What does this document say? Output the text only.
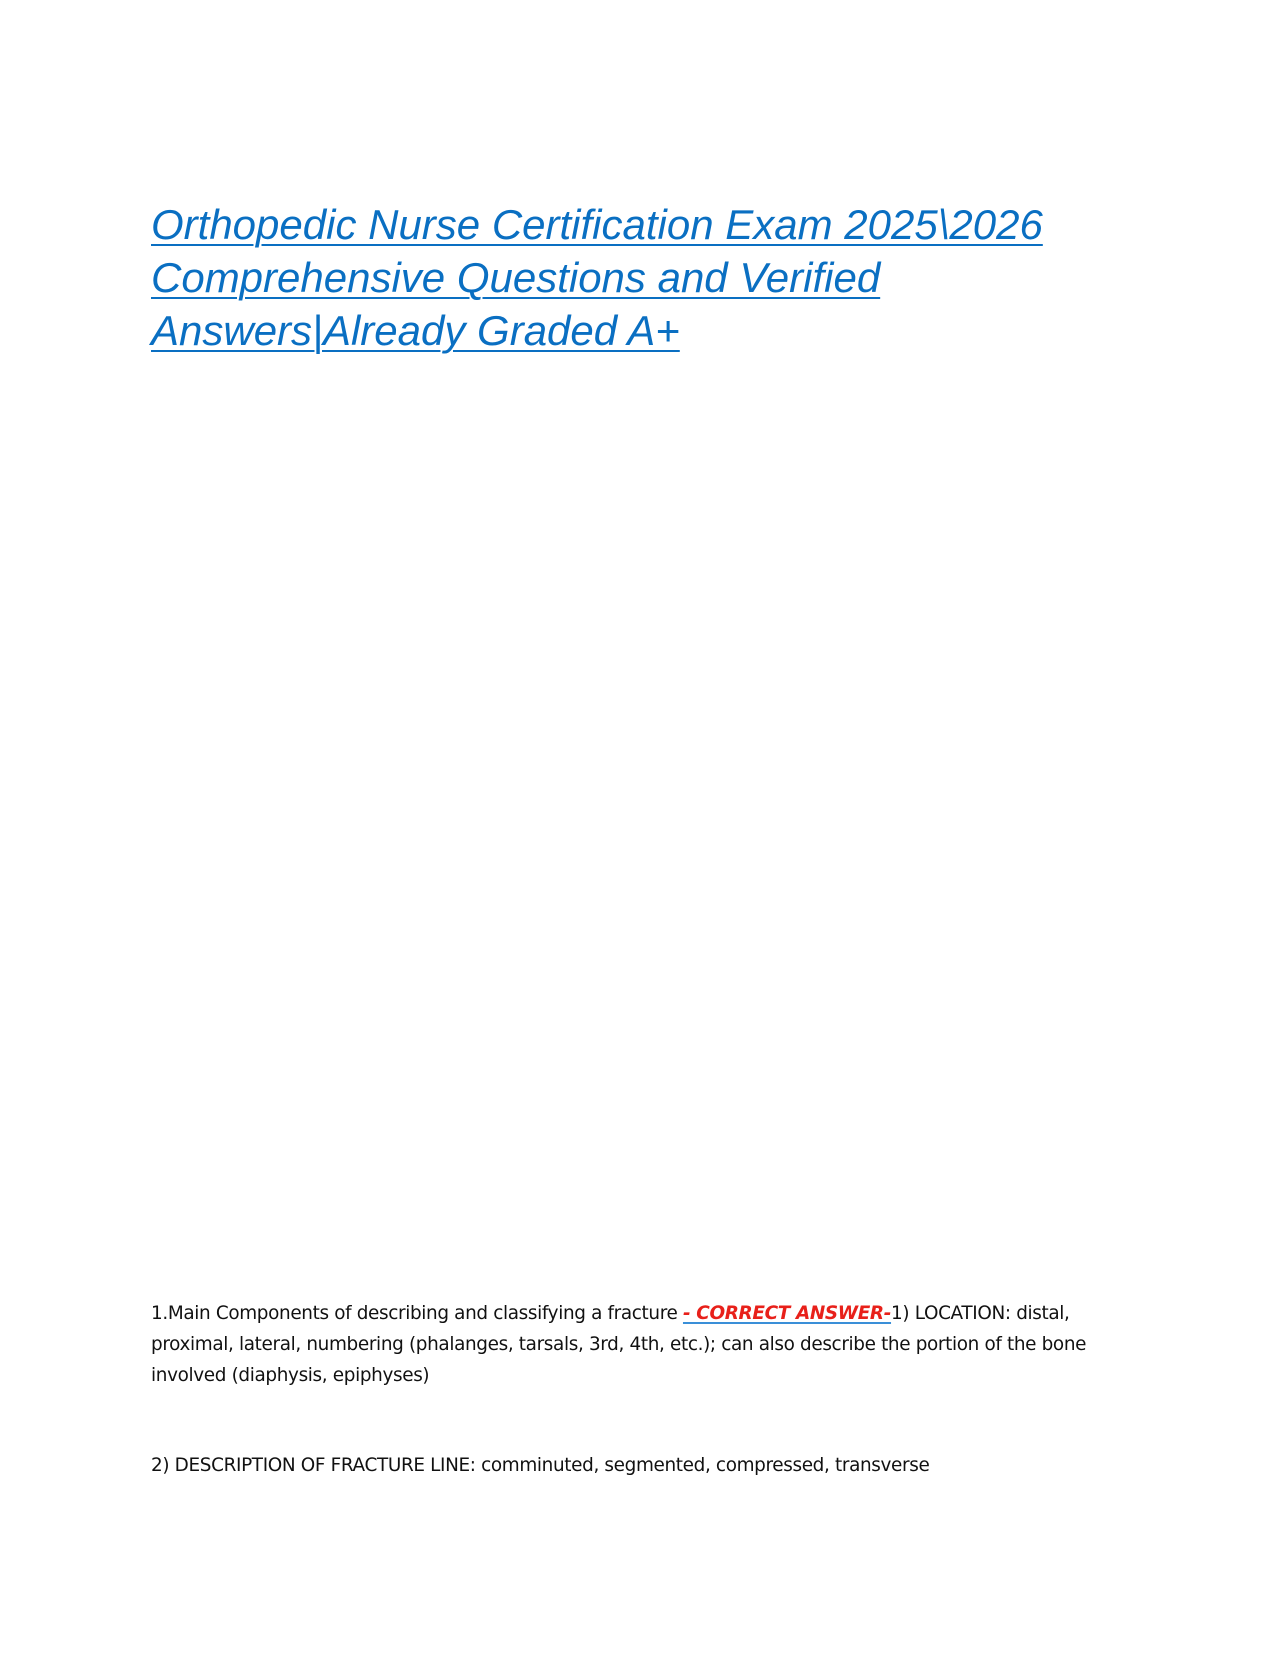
Orthopedic Nurse Certification Exam 2025\2026 Comprehensive Questions and Verified Answers|Already Graded A+
1.Main Components of describing and classifying a fracture - CORRECT ANSWER-1) LOCATION: distal, proximal, lateral, numbering (phalanges, tarsals, 3rd, 4th, etc.); can also describe the portion of the bone involved (diaphysis, epiphyses)
2) DESCRIPTION OF FRACTURE LINE: comminuted, segmented, compressed, transverse
